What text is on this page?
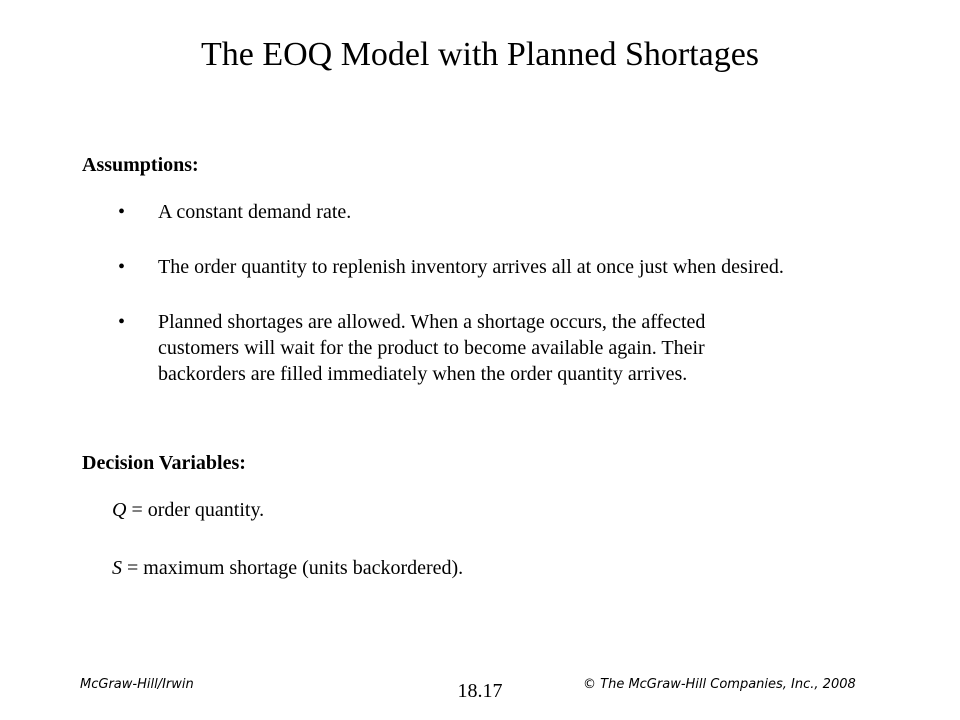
The EOQ Model with Planned Shortages
Assumptions:
•	A constant demand rate.
•	The order quantity to replenish inventory arrives all at once just when desired.
•	Planned shortages are allowed. When a shortage occurs, the affected
customers will wait for the product to become available again. Their
backorders are filled immediately when the order quantity arrives.
Decision Variables:
Q = order quantity.
S = maximum shortage (units backordered).
McGraw-Hill/Irwin	18.17	© The McGraw-Hill Companies, Inc., 2008
